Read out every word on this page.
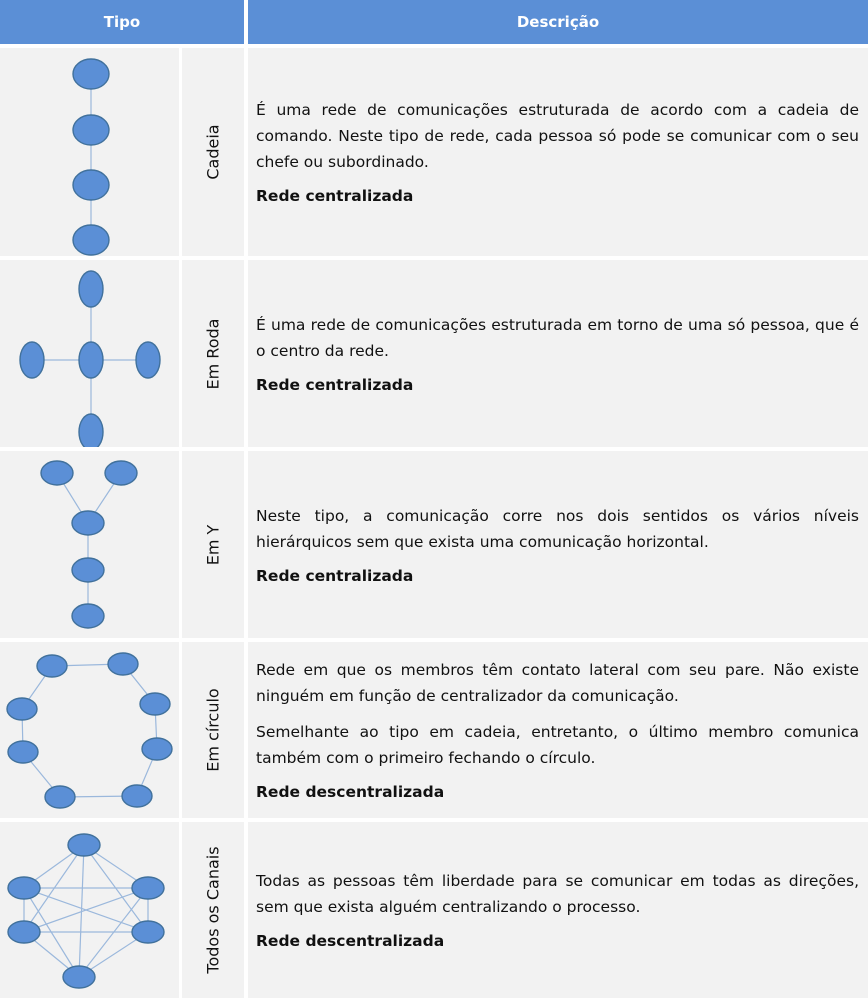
Tipo	Descrição
Cadeia

É uma rede de comunicações estruturada de acordo com a cadeia de comando. Neste tipo de rede, cada pessoa só pode se comunicar com o seu chefe ou subordinado.

Rede centralizada

Em Roda É uma rede de comunicações estruturada em torno de uma só pessoa, que é o centro da rede.

Rede centralizada

Em Y

Neste tipo, a comunicação corre nos dois sentidos os vários níveis hierárquicos sem que exista uma comunicação horizontal.

Rede centralizada

Em círculo

Rede em que os membros têm contato lateral com seu pare. Não existe ninguém em função de centralizador da comunicação.

Semelhante ao tipo em cadeia, entretanto, o último membro comunica também com o primeiro fechando o círculo.

Rede descentralizada

Todos os Canais Todas as pessoas têm liberdade para se comunicar em todas as direções, sem que exista alguém centralizando o processo.

Rede descentralizada
